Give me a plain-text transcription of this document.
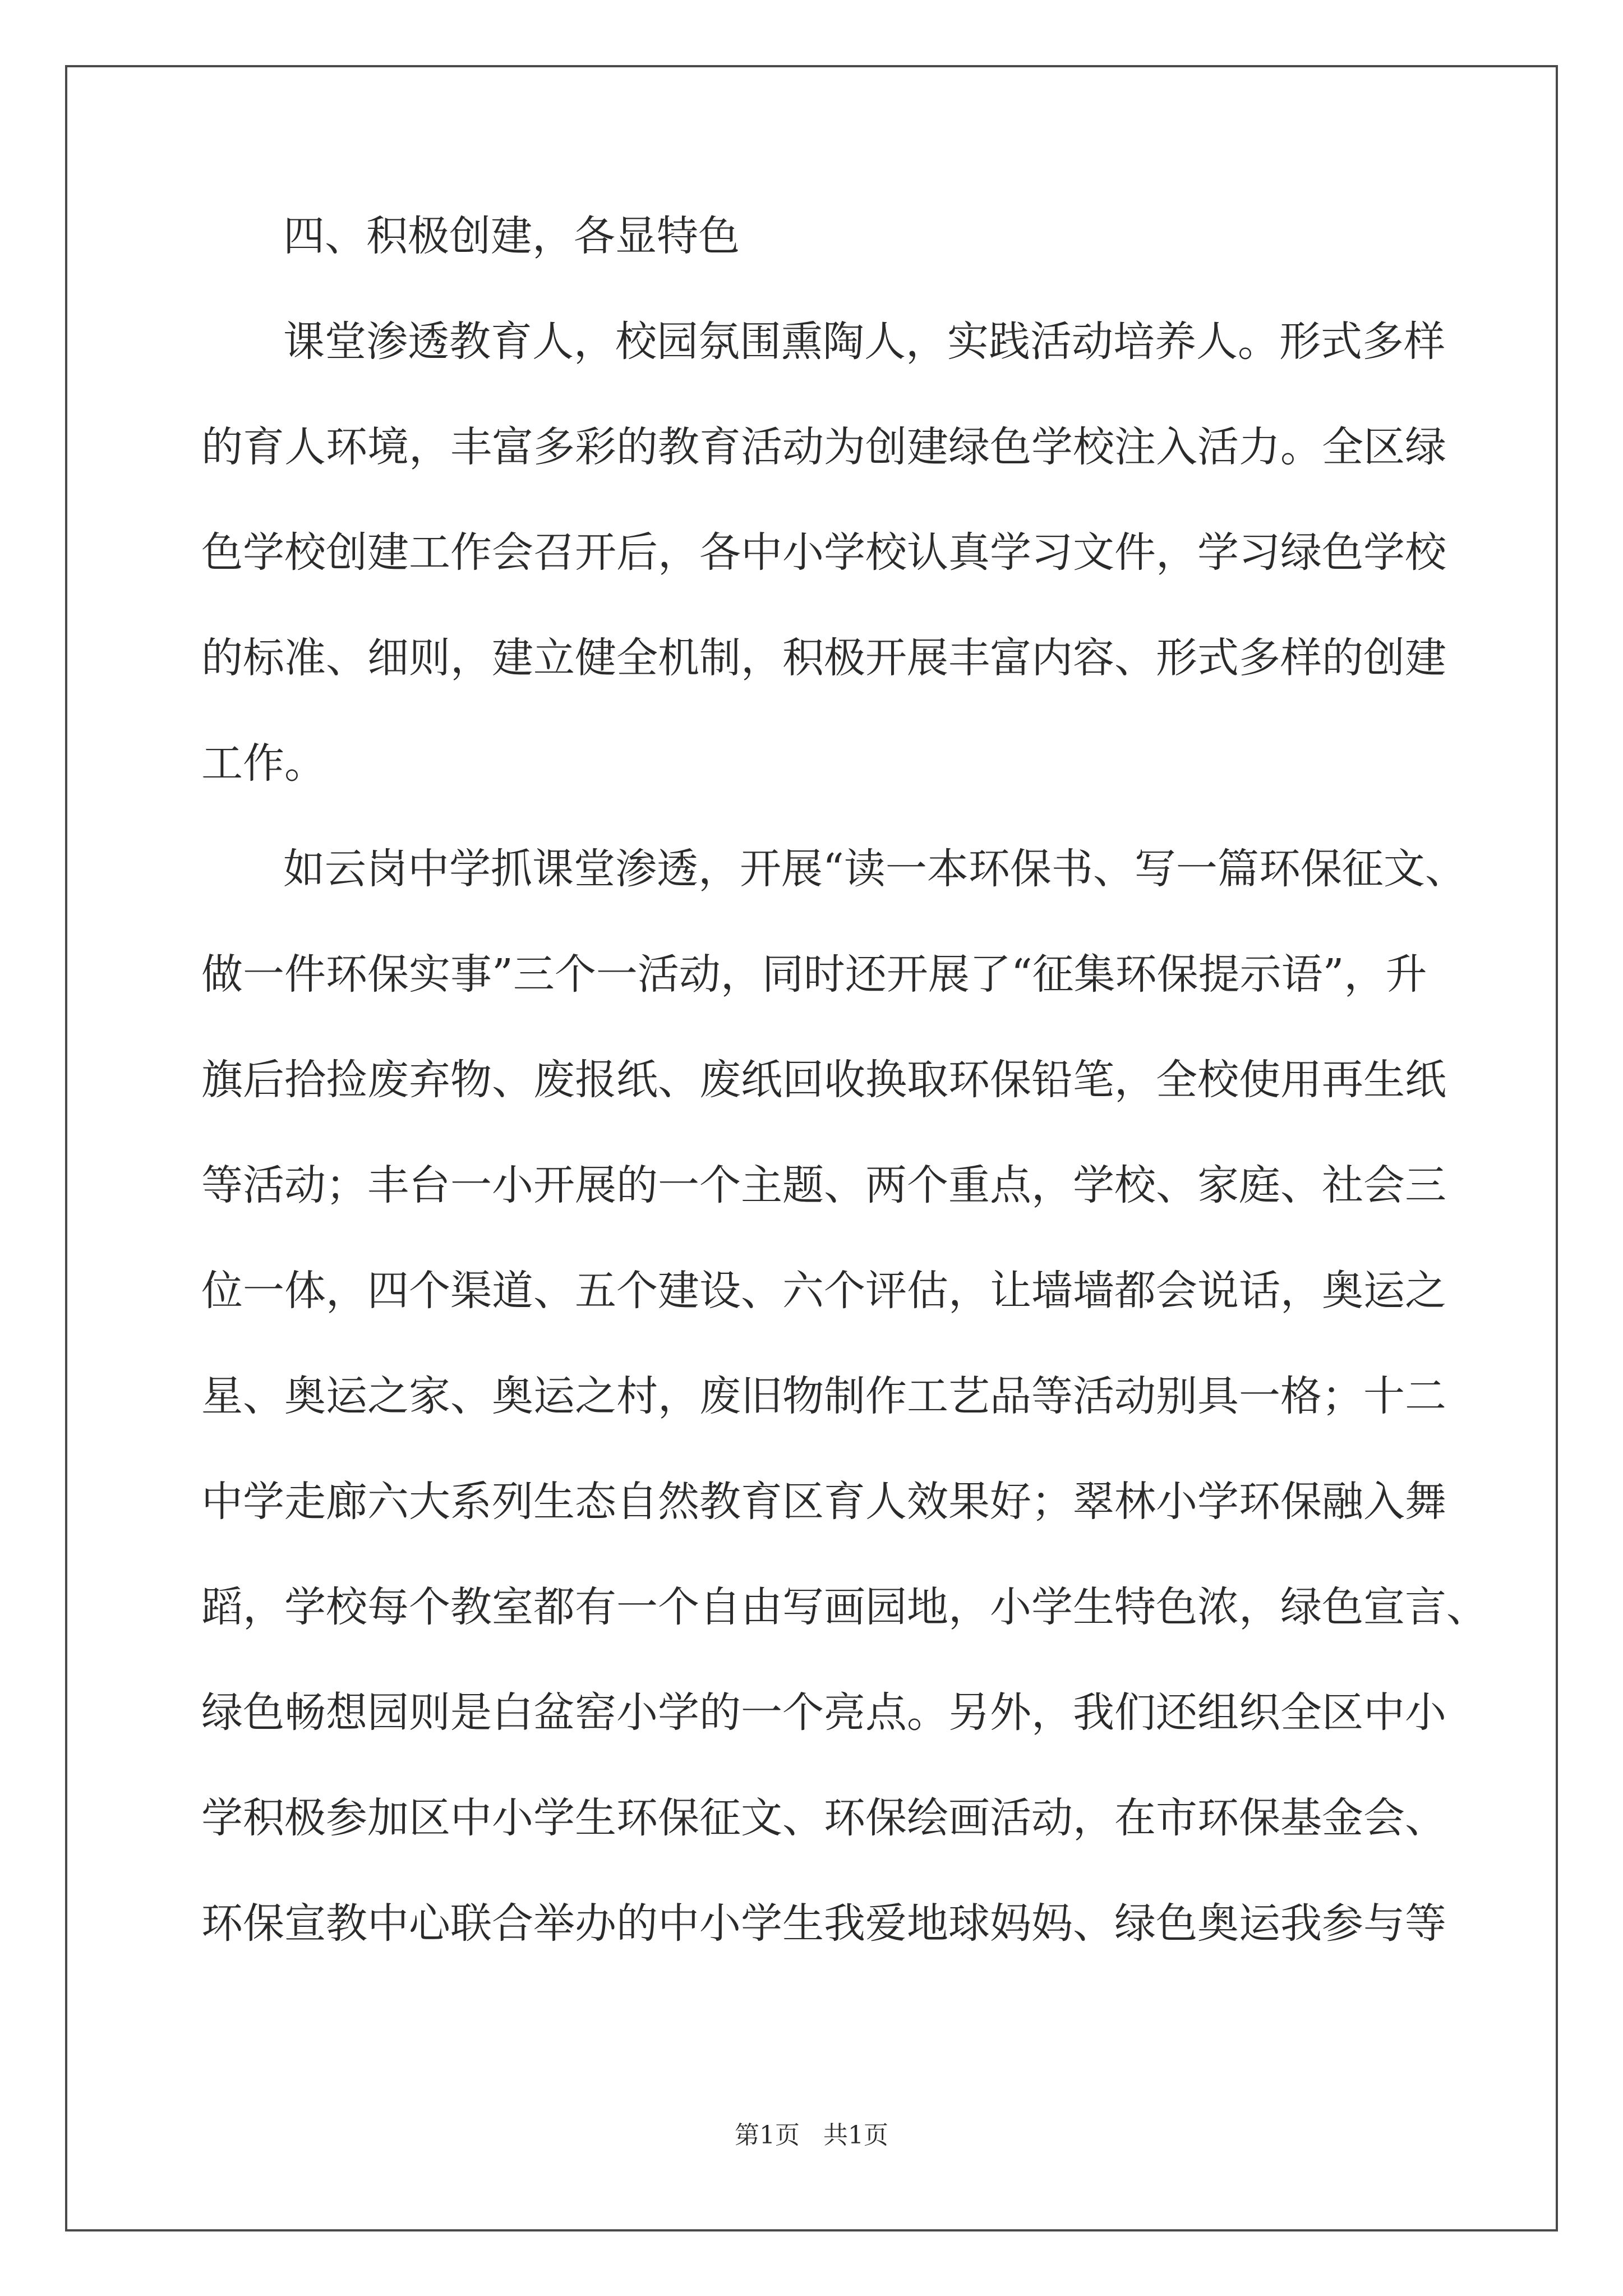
四、积极创建，各显特色
课堂渗透教育人，校园氛围熏陶人，实践活动培养人。形式多样
的育人环境，丰富多彩的教育活动为创建绿色学校注入活力。全区绿
色学校创建工作会召开后，各中小学校认真学习文件，学习绿色学校
的标准、细则，建立健全机制，积极开展丰富内容、形式多样的创建
工作。
如云岗中学抓课堂渗透，开展“读一本环保书、写一篇环保征文、
做一件环保实事”三个一活动，同时还开展了“征集环保提示语”，升
旗后拾捡废弃物、废报纸、废纸回收换取环保铅笔，全校使用再生纸
等活动；丰台一小开展的一个主题、两个重点，学校、家庭、社会三
位一体，四个渠道、五个建设、六个评估，让墙墙都会说话，奥运之
星、奥运之家、奥运之村，废旧物制作工艺品等活动别具一格；十二
中学走廊六大系列生态自然教育区育人效果好；翠林小学环保融入舞
蹈，学校每个教室都有一个自由写画园地，小学生特色浓，绿色宣言、
绿色畅想园则是白盆窑小学的一个亮点。另外，我们还组织全区中小
学积极参加区中小学生环保征文、环保绘画活动，在市环保基金会、
环保宣教中心联合举办的中小学生我爱地球妈妈、绿色奥运我参与等
第1页   共1页
